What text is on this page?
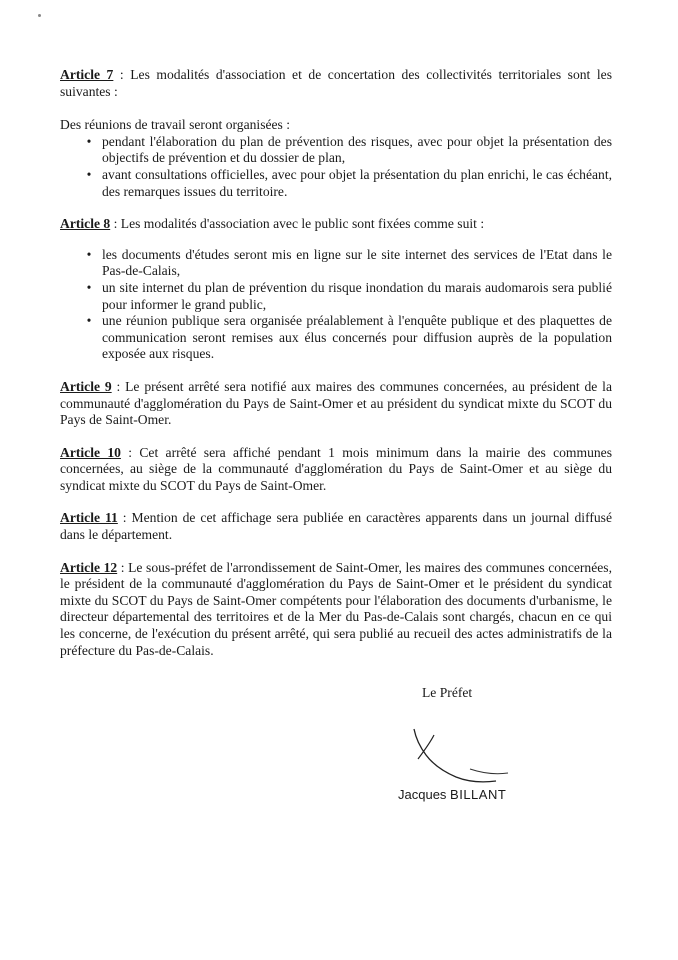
Article 7 : Les modalités d'association et de concertation des collectivités territoriales sont les suivantes :

Des réunions de travail seront organisées :

• pendant l'élaboration du plan de prévention des risques, avec pour objet la présentation des objectifs de prévention et du dossier de plan,
• avant consultations officielles, avec pour objet la présentation du plan enrichi, le cas échéant, des remarques issues du territoire.

Article 8 : Les modalités d'association avec le public sont fixées comme suit :

• les documents d'études seront mis en ligne sur le site internet des services de l'Etat dans le Pas-de-Calais,
• un site internet du plan de prévention du risque inondation du marais audomarois sera publié pour informer le grand public,
• une réunion publique sera organisée préalablement à l'enquête publique et des plaquettes de communication seront remises aux élus concernés pour diffusion auprès de la population exposée aux risques.

Article 9 : Le présent arrêté sera notifié aux maires des communes concernées, au président de la communauté d'agglomération du Pays de Saint-Omer et au président du syndicat mixte du SCOT du Pays de Saint-Omer.

Article 10 : Cet arrêté sera affiché pendant 1 mois minimum dans la mairie des communes concernées, au siège de la communauté d'agglomération du Pays de Saint-Omer et au siège du syndicat mixte du SCOT du Pays de Saint-Omer.

Article 11 : Mention de cet affichage sera publiée en caractères apparents dans un journal diffusé dans le département.

Article 12 : Le sous-préfet de l'arrondissement de Saint-Omer, les maires des communes concernées, le président de la communauté d'agglomération du Pays de Saint-Omer et le président du syndicat mixte du SCOT du Pays de Saint-Omer compétents pour l'élaboration des documents d'urbanisme, le directeur départemental des territoires et de la Mer du Pas-de-Calais sont chargés, chacun en ce qui les concerne, de l'exécution du présent arrêté, qui sera publié au recueil des actes administratifs de la préfecture du Pas-de-Calais.

Le Préfet
Jacques BILLANT
